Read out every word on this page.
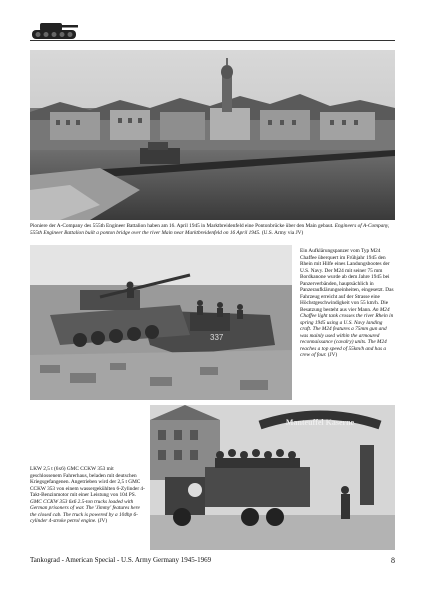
Pioniere der A-Company des 555th Engineer Battalion haben am 16. April 1945 in Marktbreidenfeld eine Pontonbrücke über den Main gebaut. Engineers of A-Company, 555th Engineer Battalion built a ponton bridge over the river Main near Marktbreidenfeld on 16 April 1945. (U.S. Army via JV)
337
Ein Aufklärungspanzer vom Typ M24 Chaffee überquert im Frühjahr 1945 den Rhein mit Hilfe eines Landungsbootes der U.S. Navy. Der M24 mit seiner 75 mm Bordkanone wurde ab dem Jahre 1945 bei Panzerverbänden, hauptsächlich in Panzeraufklärungseinheiten, eingesetzt. Das Fahrzeug erreicht auf der Strasse eine Höchstgeschwindigkeit von 55 km/h. Die Besatzung besteht aus vier Mann. An M24 Chaffee light tank crosses the river Rhein in spring 1945 using a U.S. Navy landing craft. The M24 features a 75mm gun and was mainly used within the armoured reconnaissance (cavalry) units. The M24 reaches a top speed of 55km/h and has a crew of four. (JV)
Manteuffel Kaserne
LKW 2,5 t (6x6) GMC CCKW 353 mit geschlossenem Fahrerhaus, beladen mit deutschen Kriegsgefangenen. Angetrieben wird der 2,5 t GMC CCKW 353 von einem wassergekühlten 6-Zylinder 4-Takt-Benzinmotor mit einer Leistung von 104 PS. GMC CCKW 353 6x6 2.5-ton trucks loaded with German prisoners of war. The 'Jimmy' features here the closed cab. The truck is powered by a 104hp 6-cylinder 4-stroke petrol engine. (JV)
Tankograd - American Special - U.S. Army Germany 1945-1969	8
